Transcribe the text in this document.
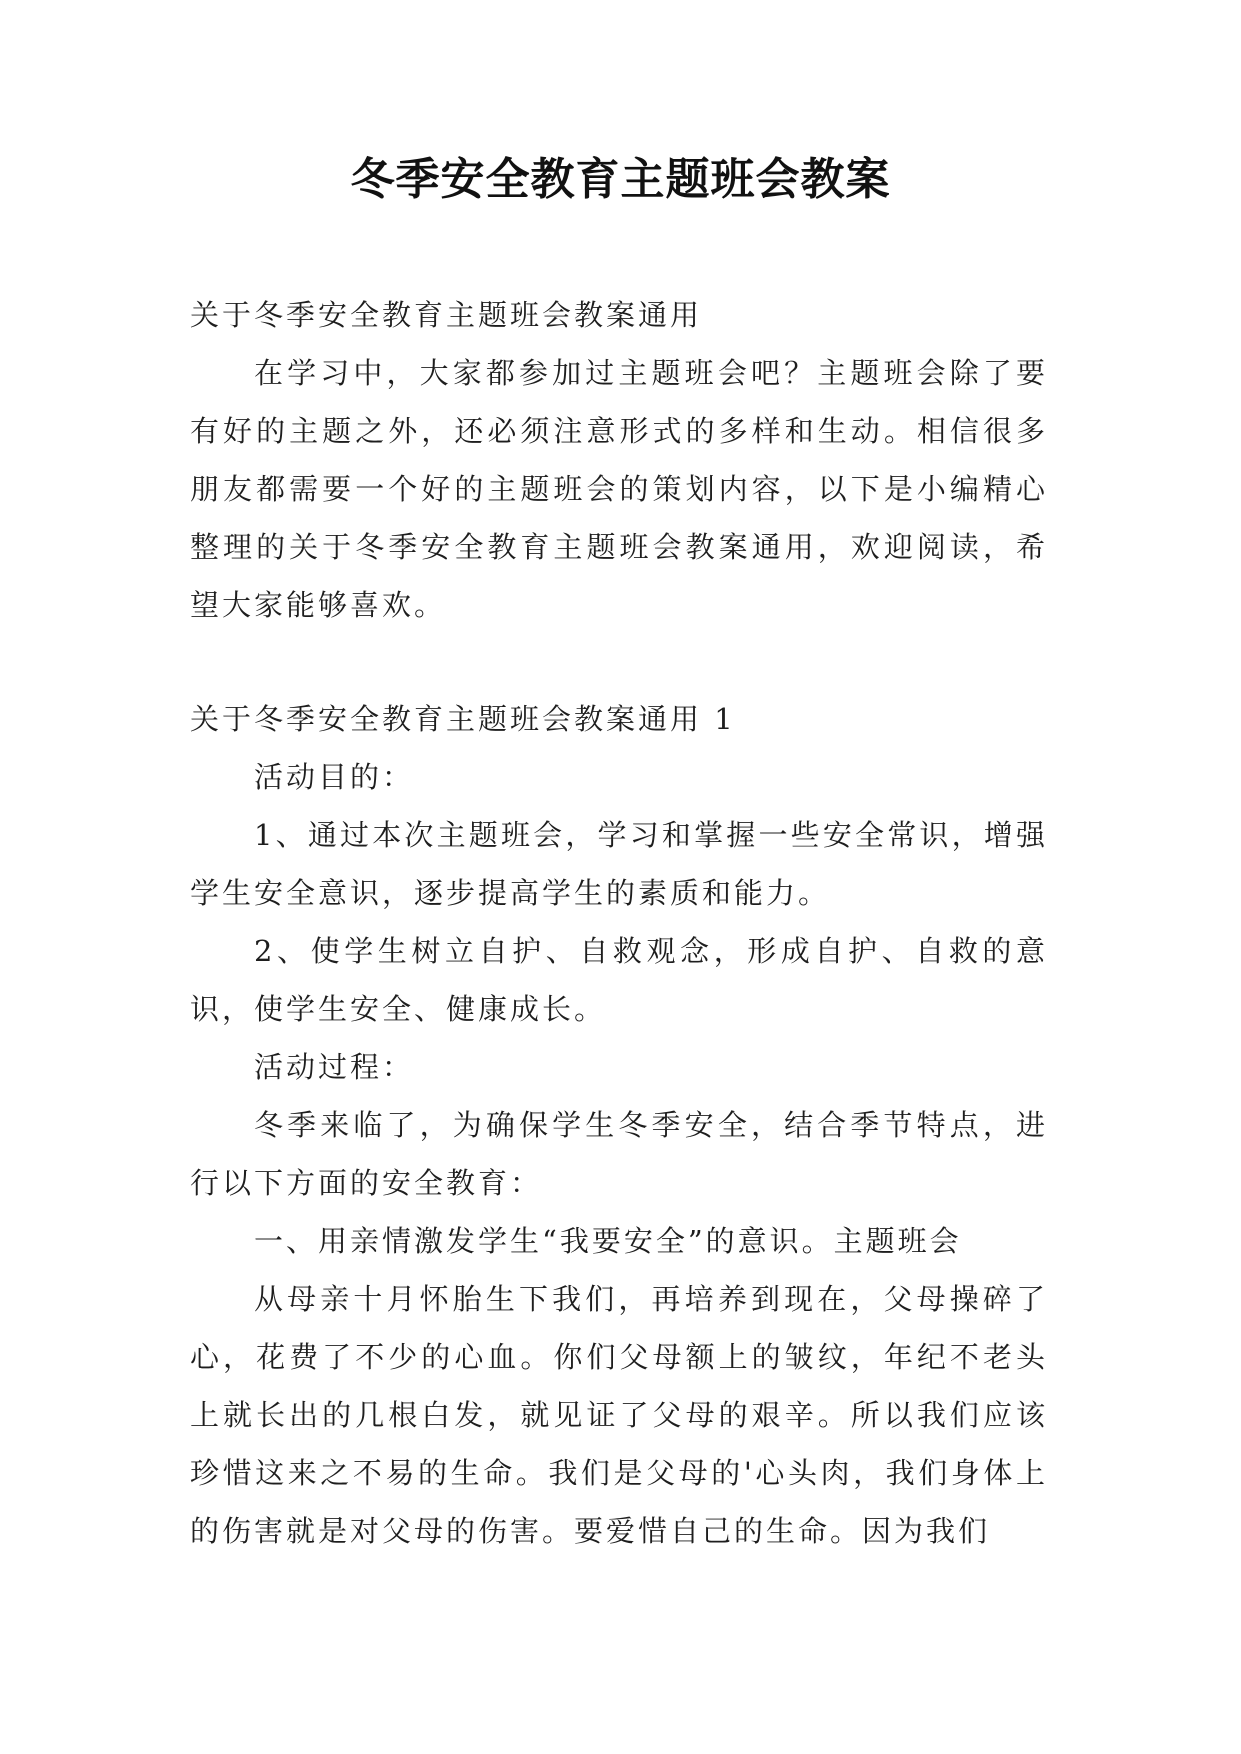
冬季安全教育主题班会教案

关于冬季安全教育主题班会教案通用

在学习中，大家都参加过主题班会吧？主题班会除了要有好的主题之外，还必须注意形式的多样和生动。相信很多朋友都需要一个好的主题班会的策划内容，以下是小编精心整理的关于冬季安全教育主题班会教案通用，欢迎阅读，希望大家能够喜欢。

关于冬季安全教育主题班会教案通用 1

活动目的：

1、通过本次主题班会，学习和掌握一些安全常识，增强学生安全意识，逐步提高学生的素质和能力。

2、使学生树立自护、自救观念，形成自护、自救的意识，使学生安全、健康成长。

活动过程：

冬季来临了，为确保学生冬季安全，结合季节特点，进行以下方面的安全教育：

一、用亲情激发学生“我要安全”的意识。主题班会

从母亲十月怀胎生下我们，再培养到现在，父母操碎了心，花费了不少的心血。你们父母额上的皱纹，年纪不老头上就长出的几根白发，就见证了父母的艰辛。所以我们应该珍惜这来之不易的生命。我们是父母的'心头肉，我们身体上的伤害就是对父母的伤害。要爱惜自己的生命。因为我们
